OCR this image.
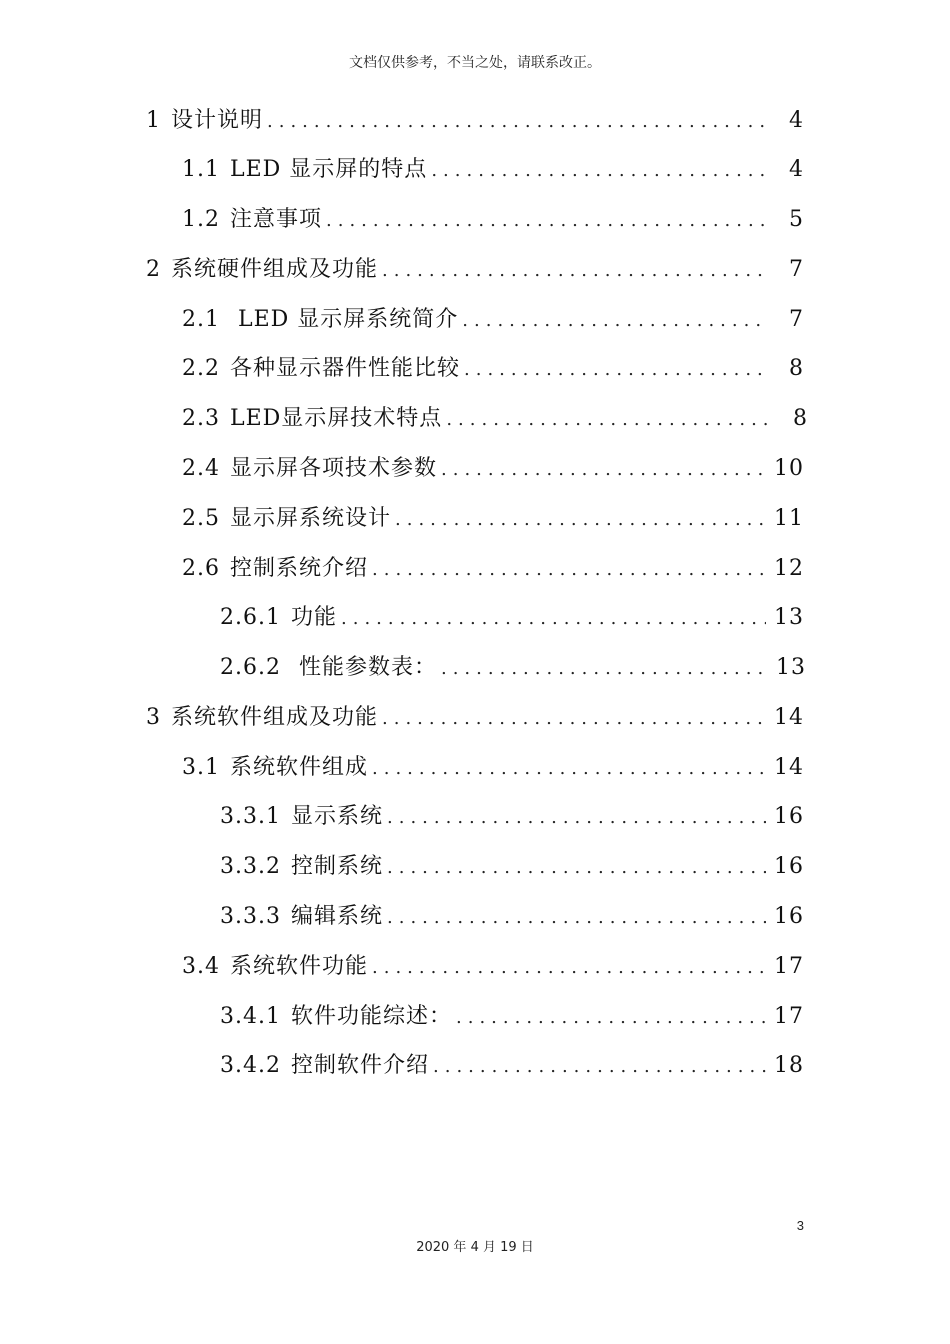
文档仅供参考，不当之处，请联系改正。
1 设计说明 .....	4
1.1 LED 显示屏的特点 .....	4
1.2 注意事项 .....	5
2 系统硬件组成及功能 .....	7
2.1 LED 显示屏系统简介 .....	7
2.2 各种显示器件性能比较 .....	8
2.3 LED显示屏技术特点 .....	8
2.4 显示屏各项技术参数 .....	10
2.5 显示屏系统设计 .....	11
2.6 控制系统介绍 .....	12
2.6.1 功能 .....	13
2.6.2 性能参数表： .....	13
3 系统软件组成及功能 .....	14
3.1 系统软件组成 .....	14
3.3.1 显示系统 .....	16
3.3.2 控制系统 .....	16
3.3.3 编辑系统 .....	16
3.4 系统软件功能 .....	17
3.4.1 软件功能综述： .....	17
3.4.2 控制软件介绍 .....	18
3
2020 年 4 月 19 日
